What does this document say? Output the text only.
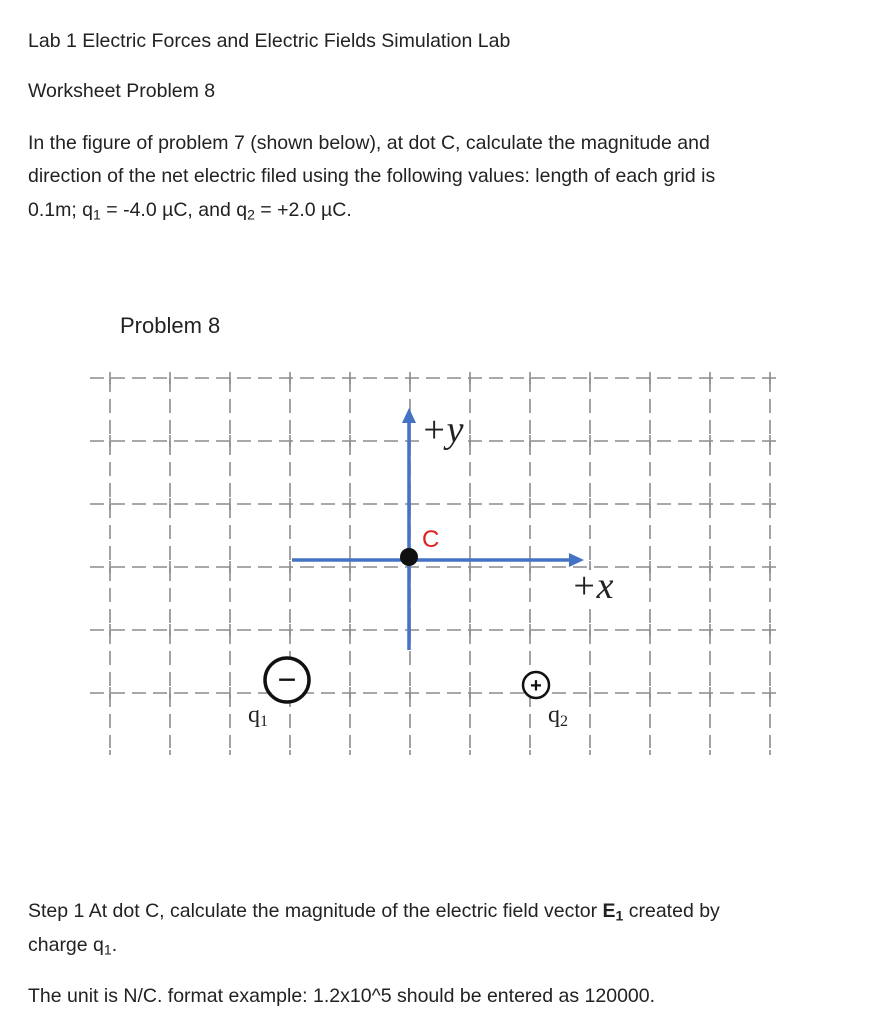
Lab 1 Electric Forces and Electric Fields Simulation Lab
Worksheet Problem 8
In the figure of problem 7 (shown below), at dot C, calculate the magnitude and
direction of the net electric filed using the following values: length of each grid is
0.1m; $q_1 = -4.0$ µC, and $q_2 = +2.0$ µC.
Problem 8
+y
+x
C
−
q1
+
q2
Step 1 At dot C, calculate the magnitude of the electric field vector $E_1$ created by
charge $q_1$.
The unit is N/C. format example: 1.2x10^5 should be entered as 120000.
